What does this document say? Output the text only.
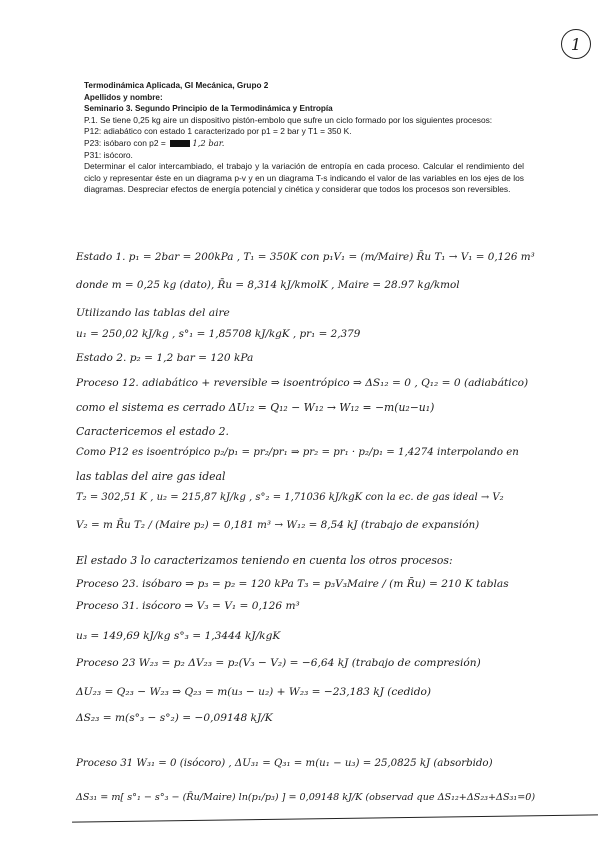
1
Termodinámica Aplicada, GI Mecánica, Grupo 2
Apellidos y nombre:
Seminario 3. Segundo Principio de la Termodinámica y Entropía
P.1. Se tiene 0,25 kg aire un dispositivo pistón-embolo que sufre un ciclo formado por los siguientes procesos:
P12: adiabático con estado 1 caracterizado por p1 = 2 bar y T1 = 350 K.
P23: isóbaro con p2 =	1,2 bar.
P31: isócoro.
Determinar el calor intercambiado, el trabajo y la variación de entropía en cada proceso. Calcular el rendimiento del ciclo y representar éste en un diagrama p-v y en un diagrama T-s indicando el valor de las variables en los ejes de los diagramas. Despreciar efectos de energía potencial y cinética y considerar que todos los procesos son reversibles.
Estado 1. p₁ = 2bar = 200kPa , T₁ = 350K con p₁V₁ = (m/Maire) R̄u T₁ → V₁ = 0,126 m³
donde m = 0,25 kg (dato), R̄u = 8,314 kJ/kmolK , Maire = 28.97 kg/kmol
Utilizando las tablas del aire
u₁ = 250,02 kJ/kg , s°₁ = 1,85708 kJ/kgK , pr₁ = 2,379
Estado 2. p₂ = 1,2 bar = 120 kPa
Proceso 12. adiabático + reversible ⇒ isoentrópico ⇒ ΔS₁₂ = 0 , Q₁₂ = 0 (adiabático)
como el sistema es cerrado ΔU₁₂ = Q₁₂ − W₁₂ → W₁₂ = −m(u₂−u₁)
Caractericemos el estado 2.
Como P12 es isoentrópico p₂/p₁ = pr₂/pr₁ ⇒ pr₂ = pr₁ · p₂/p₁ = 1,4274 interpolando en
las tablas del aire gas ideal
T₂ = 302,51 K , u₂ = 215,87 kJ/kg , s°₂ = 1,71036 kJ/kgK con la ec. de gas ideal → V₂
V₂ = m R̄u T₂ / (Maire p₂) = 0,181 m³ → W₁₂ = 8,54 kJ (trabajo de expansión)
El estado 3 lo caracterizamos teniendo en cuenta los otros procesos:
Proceso 23. isóbaro ⇒ p₃ = p₂ = 120 kPa T₃ = p₃V₃Maire / (m R̄u) = 210 K tablas
Proceso 31. isócoro ⇒ V₃ = V₁ = 0,126 m³
u₃ = 149,69 kJ/kg s°₃ = 1,3444 kJ/kgK
Proceso 23 W₂₃ = p₂ ΔV₂₃ = p₂(V₃ − V₂) = −6,64 kJ (trabajo de compresión)
ΔU₂₃ = Q₂₃ − W₂₃ ⇒ Q₂₃ = m(u₃ − u₂) + W₂₃ = −23,183 kJ (cedido)
ΔS₂₃ = m(s°₃ − s°₂) = −0,09148 kJ/K
Proceso 31 W₃₁ = 0 (isócoro) , ΔU₃₁ = Q₃₁ = m(u₁ − u₃) = 25,0825 kJ (absorbido)
ΔS₃₁ = m[ s°₁ − s°₃ − (R̄u/Maire) ln(p₁/p₃) ] = 0,09148 kJ/K (observad que ΔS₁₂+ΔS₂₃+ΔS₃₁=0)
